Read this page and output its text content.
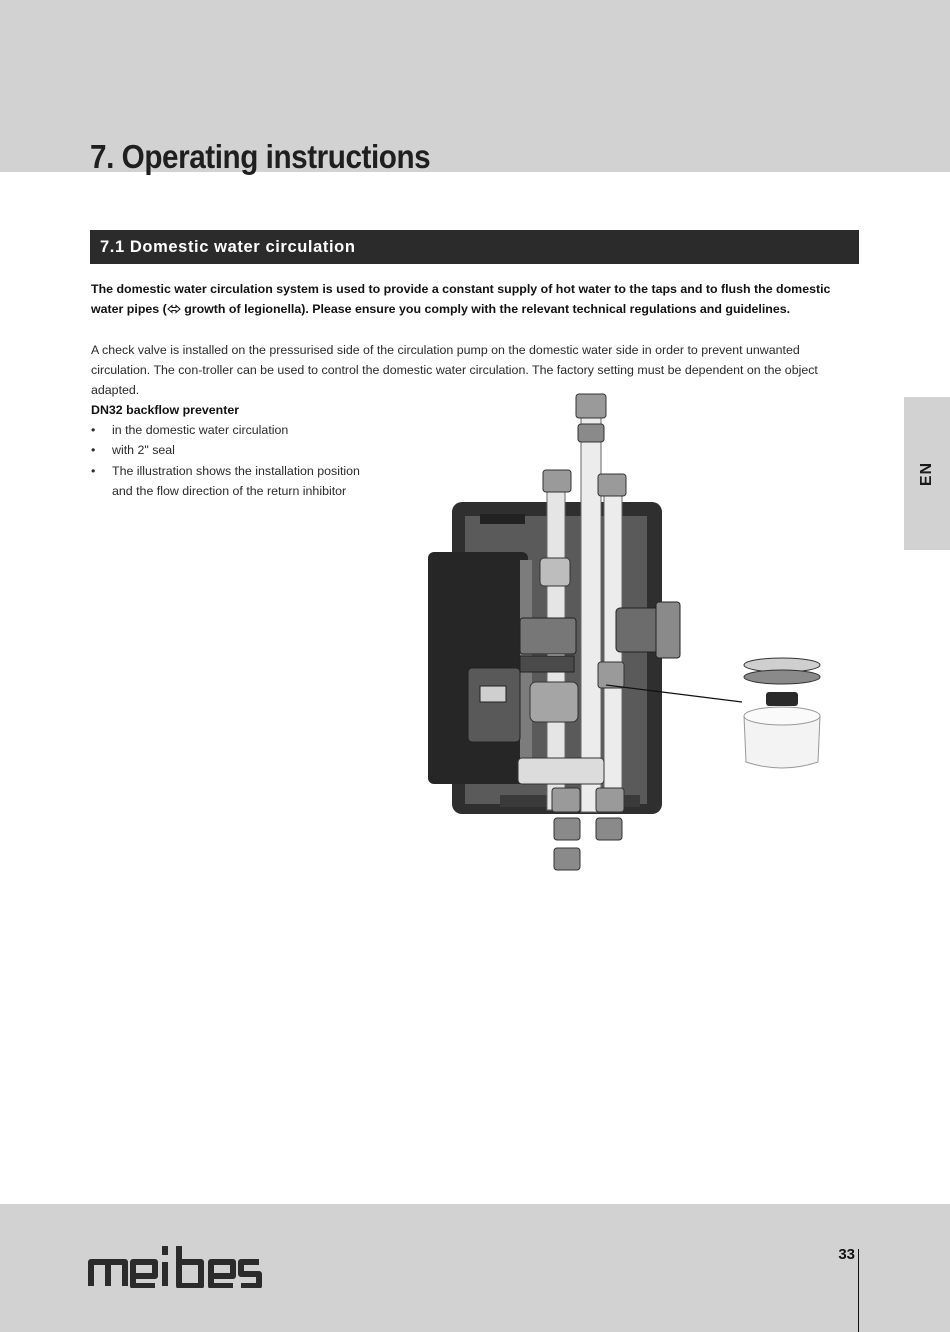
7. Operating instructions
7.1 Domestic water circulation

The domestic water circulation system is used to provide a constant supply of hot water to the taps and to flush the domestic water pipes ( growth of legionella). Please ensure you comply with the relevant technical regulations and guidelines.

A check valve is installed on the pressurised side of the circulation pump on the domestic water side in order to prevent unwanted circulation. The con-troller can be used to control the domestic water circulation. The factory setting must be dependent on the object adapted.

DN32 backflow preventer

• in the domestic water circulation
• with 2" seal
• The illustration shows the installation position and the flow direction of the return inhibitor
EN
33
